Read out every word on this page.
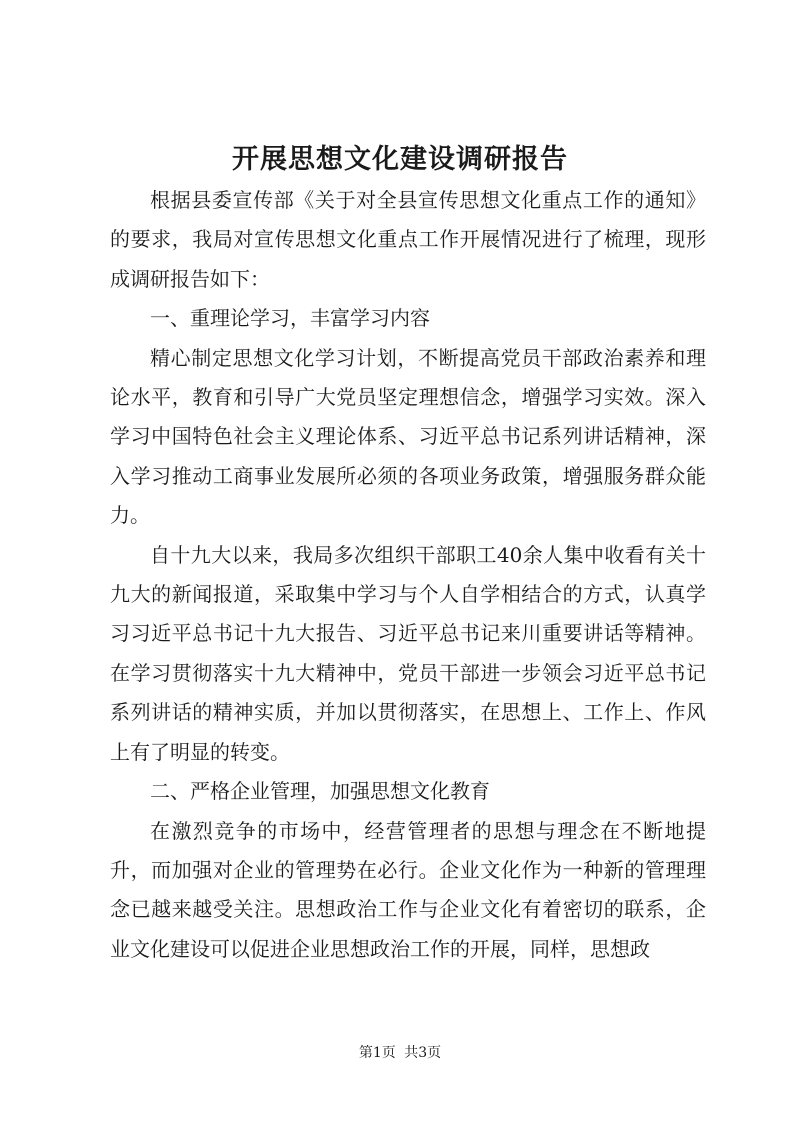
开展思想文化建设调研报告

根据县委宣传部《关于对全县宣传思想文化重点工作的通知》的要求，我局对宣传思想文化重点工作开展情况进行了梳理，现形成调研报告如下：

一、重理论学习，丰富学习内容

精心制定思想文化学习计划，不断提高党员干部政治素养和理论水平，教育和引导广大党员坚定理想信念，增强学习实效。深入学习中国特色社会主义理论体系、习近平总书记系列讲话精神，深入学习推动工商事业发展所必须的各项业务政策，增强服务群众能力。

自十九大以来，我局多次组织干部职工40余人集中收看有关十九大的新闻报道，采取集中学习与个人自学相结合的方式，认真学习习近平总书记十九大报告、习近平总书记来川重要讲话等精神。在学习贯彻落实十九大精神中，党员干部进一步领会习近平总书记系列讲话的精神实质，并加以贯彻落实，在思想上、工作上、作风上有了明显的转变。

二、严格企业管理，加强思想文化教育

在激烈竞争的市场中，经营管理者的思想与理念在不断地提升，而加强对企业的管理势在必行。企业文化作为一种新的管理理念已越来越受关注。思想政治工作与企业文化有着密切的联系，企业文化建设可以促进企业思想政治工作的开展，同样，思想政

第1页 共3页
